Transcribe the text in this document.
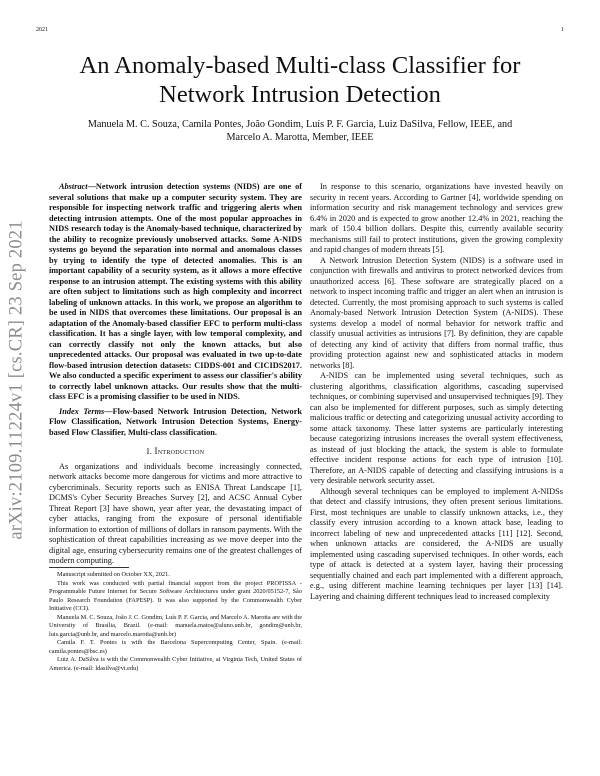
2021	1
An Anomaly-based Multi-class Classifier for
Network Intrusion Detection
Manuela M. C. Souza, Camila Pontes, João Gondim, Luís P. F. Garcia, Luiz DaSilva, Fellow, IEEE, and
Marcelo A. Marotta, Member, IEEE
arXiv:2109.11224v1 [cs.CR] 23 Sep 2021

Abstract—Network intrusion detection systems (NIDS) are one of several solutions that make up a computer security system. They are responsible for inspecting network traffic and triggering alerts when detecting intrusion attempts. One of the most popular approaches in NIDS research today is the Anomaly-based technique, characterized by the ability to recognize previously unobserved attacks. Some A-NIDS systems go beyond the separation into normal and anomalous classes by trying to identify the type of detected anomalies. This is an important capability of a security system, as it allows a more effective response to an intrusion attempt. The existing systems with this ability are often subject to limitations such as high complexity and incorrect labeling of unknown attacks. In this work, we propose an algorithm to be used in NIDS that overcomes these limitations. Our proposal is an adaptation of the Anomaly-based classifier EFC to perform multi-class classification. It has a single layer, with low temporal complexity, and can correctly classify not only the known attacks, but also unprecedented attacks. Our proposal was evaluated in two up-to-date flow-based intrusion detection datasets: CIDDS-001 and CICIDS2017. We also conducted a specific experiment to assess our classifier's ability to correctly label unknown attacks. Our results show that the multi-class EFC is a promising classifier to be used in NIDS.

Index Terms—Flow-based Network Intrusion Detection, Network Flow Classification, Network Intrusion Detection Systems, Energy-based Flow Classifier, Multi-class classification.

I. Introduction

As organizations and individuals become increasingly connected, network attacks become more dangerous for victims and more attractive to cybercriminals. Security reports such as ENISA Threat Landscape [1], DCMS's Cyber Security Breaches Survey [2], and ACSC Annual Cyber Threat Report [3] have shown, year after year, the devastating impact of cyber attacks, ranging from the exposure of personal identifiable information to extortion of millions of dollars in ransom payments. With the sophistication of threat capabilities increasing as we move deeper into the digital age, ensuring cybersecurity remains one of the greatest challenges of modern computing.

Manuscript submitted on October XX, 2021.

This work was conducted with partial financial support from the project PROFISSA - Programmable Future Internet for Secure Software Architectures under grant 2020/05152-7, São Paulo Research Foundation (FAPESP). It was also supported by the Commonwealth Cyber Initiative (CCI).

Manuela M. C. Souza, João J. C. Gondim, Luís P. F. Garcia, and Marcelo A. Marotta are with the University of Brasília, Brazil. (e-mail: manuela.matos@aluno.unb.br, gondim@unb.br, luis.garcia@unb.br, and marcelo.marotta@unb.br)

Camila F. T. Pontes is with the Barcelona Supercomputing Center, Spain. (e-mail: camila.pontes@bsc.es)

Luiz A. DaSilva is with the Commonwealth Cyber Initiative, at Virginia Tech, United States of America. (e-mail: ldasilva@vt.edu)

In response to this scenario, organizations have invested heavily on security in recent years. According to Gartner [4], worldwide spending on information security and risk management technology and services grew 6.4% in 2020 and is expected to grow another 12.4% in 2021, reaching the mark of 150.4 billion dollars. Despite this, currently available security mechanisms still fail to protect institutions, given the growing complexity and rapid changes of modern threats [5].

A Network Intrusion Detection System (NIDS) is a software used in conjunction with firewalls and antivirus to protect networked devices from unauthorized access [6]. These software are strategically placed on a network to inspect incoming traffic and trigger an alert when an intrusion is detected. Currently, the most promising approach to such systems is called Anomaly-based Network Intrusion Detection System (A-NIDS). These systems develop a model of normal behavior for network traffic and classify unusual activities as intrusions [7]. By definition, they are capable of detecting any kind of activity that differs from normal traffic, thus providing protection against new and sophisticated attacks in modern networks [8].

A-NIDS can be implemented using several techniques, such as clustering algorithms, classification algorithms, cascading supervised techniques, or combining supervised and unsupervised techniques [9]. They can also be implemented for different purposes, such as simply detecting malicious traffic or detecting and categorizing unusual activity according to some attack taxonomy. These latter systems are particularly interesting because categorizing intrusions increases the overall system effectiveness, as instead of just blocking the attack, the system is able to formulate effective incident response actions for each type of intrusion [10]. Therefore, an A-NIDS capable of detecting and classifying intrusions is a very desirable network security asset.

Although several techniques can be employed to implement A-NIDSs that detect and classify intrusions, they often present serious limitations. First, most techniques are unable to classify unknown attacks, i.e., they classify every intrusion according to a known attack base, leading to incorrect labeling of new and unprecedented attacks [11] [12]. Second, when unknown attacks are considered, the A-NIDS are usually implemented using cascading supervised techniques. In other words, each type of attack is detected at a system layer, having their processing sequentially chained and each part implemented with a different approach, e.g., using different machine learning techniques per layer [13] [14]. Layering and chaining different techniques lead to increased complexity
